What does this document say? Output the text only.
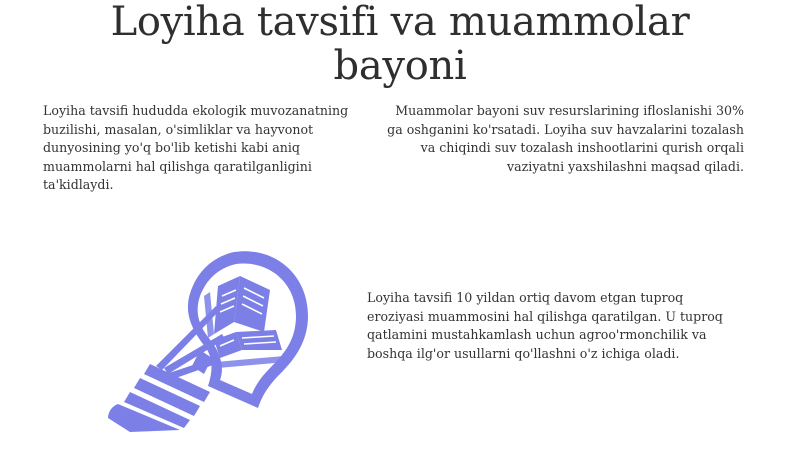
Loyiha tavsifi va muammolar bayoni

Loyiha tavsifi hududda ekologik muvozanatning buzilishi, masalan, o'simliklar va hayvonot dunyosining yo'q bo'lib ketishi kabi aniq muammolarni hal qilishga qaratilganligini ta'kidlaydi.

Muammolar bayoni suv resurslarining ifloslanishi 30% ga oshganini ko'rsatadi. Loyiha suv havzalarini tozalash va chiqindi suv tozalash inshootlarini qurish orqali vaziyatni yaxshilashni maqsad qiladi.

Loyiha tavsifi 10 yildan ortiq davom etgan tuproq eroziyasi muammosini hal qilishga qaratilgan. U tuproq qatlamini mustahkamlash uchun agroo'rmonchilik va boshqa ilg'or usullarni qo'llashni o'z ichiga oladi.
